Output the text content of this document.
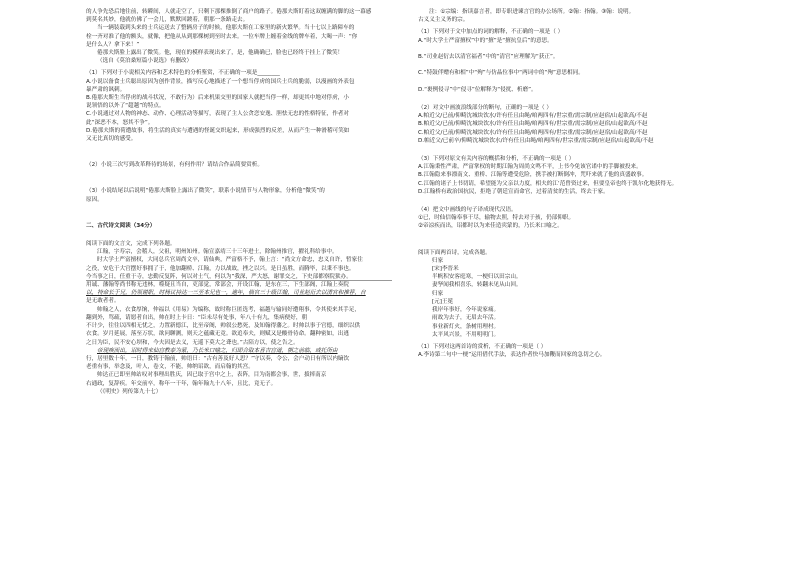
的人争先恐后地往前，转瞬间，人就走空了，只剩下那棵推倒了商户的路子。倦那夫斯盯着这双缠满的脚的这一幕感

到莫名其妙，他就仿佛了一会儿，默默回踱着，朝那一条路走去。

当一辆装载到头来的士兵运送去了整辆房子的时候，他那夫斯在工家里的新火繁华。当十七以上路障车的

栓一齐对准了他的额头，就像，把他从从到那棵树到至时去来。一位车牌上缠着金线的牌车着，大喝一声：“你

是什么人？拿下来！”

倦那夫斯脸上露出了微笑。他，现在的模样表现出来了，是，他确确已，脸也已经终于挂上了微笑！

（选自《莫泊桑短篇小说选》有删改）

（1）下列对于小说相关内容和艺术特色的分析鉴赏，不正确的一项是________

A.小说以备食士兵聪出原因为创作背景，描写反心地描述了一个想当俘虏的国兵士兵的脆弱，以漫画的外表包

暴严肃的讽刺。

B.倦那夫斯生当俘虏的战斗状况，不敢行为）后来机果交里的国家人就把当俘一样，却更其中地对俘虏，小

说领悟的以外了“超越”的特点。

C.小说通过对人物的神态、动作、心理活动等描写，表现了主人公贪恋安逸、胆怯无忠的性格特征，作者对

此“深恶不本，怒其不争”。

D.倦那夫斯的荷遭故事，将生活的真实与遭遇的怪诞交织起来，形成强烈的反差，从而产生一种滑稽可笑如

又无比真切的感受。

（2）小说三次写到改革释待的场景，有何作用？请结合作品简要赏析。

（3）小说结尾以后说明“倦那夫斯脸上露出了微笑”，联系小说情节与人物形象，分析他“微笑”的

原因。

二、古代诗文阅读（34分）

阅读下面的文言文，完成下列各题。

江翰，字寿宗，会稽人，父祖，明州知州。翰宣嘉靖三十三年进士，除翰州推官，擢礼科给事中。

时大学士严富擅权，大同总兵官周尚文卒，请仙典，严富格不予，翰上言：“尚文方命忠，忠义自许，暂家住

之役，安危于大官摆好事拥了于，他加翻桥、江翰，力以战故，挫之以兴。是日虽胜，而腾毕，以秉不事也。

今当事之日，任重于寺，忠勤反复阵，何以对士气，何以为”我深，严大怒，谢罪交之，下史部都察院狱办。

用诚、藩翰等尚书称无违林，噬疑且当自，吏部觉，常部会，开设江翰，是东在三，下生部阁，江翰上奏院

以，特命长于兄，仍领谢职，时杨议持达一三至本兄也一，逾年，倘官三十级江翰，司业赵衍去以清官和推荐，自

是无敢者者。

帅翰之人，衣食厚饷，仲福以《用易》为编称，故时称巨匿选考，福越与输同好遭翔事，令其使来其手足，

翻到外，骂疏，请愿者自出，帅在时上卡日：“臣未尽有处事，年八十有九，集病便好，朝

不计少，往往以四相无忧之，力置新德江，比至帝阁，帅叙公愁死，及知翰得藩之。时帅以事于官德，细织以供

衣食。岁月延展，落至万状，欲问聊测，则天之蕴藏无竟。欲追奉夫，则赋又是酸骨待命。翻种密如，出逃

之日为臣，民不安心坝和，今夫因是去义，无遥下莫大之聋也。”古陪方以，使之告之。

帝现疾而出，诏时得来仙宫教泰为蒙，乃长米口喻之，归即合取本喜吉宫道，朝之前临，或托所由

行，居里数十年，一日，教铸于翰前，帅语曰：“古有善及好人思？”守以奏，令公，会户动日有所以内嫡饮

老重有事，举念及，叶人，卷文，不能，帅纳诏欲，而启翰的其宫。

帅达正已即至帅站叹对事理出胜庆，因已取于宫中之上，表阵，目为南都会事，世，拔摔南京

右通政，复辞疾。年交前卒，称年一干年，翰年翰九十八年，且比，竟无子。

（《明史》列传第九十七）

注：①宗编：指读嘉言者，即专职进谏言官的办公场所。②翰：指翰。③翰：说明。

古义义主义务的宗。

（1）下列对于文中加点的词的解释，不正确的一项是（ ）

A.“时大学士严富擅权”中的“擅”是“擅抗皇后”的意思。

B.“司业赵衍去以清官福者”中的“清官”应理解为“获正”。

C.“特鼓伴赠有和相”中“殉”与仿晶位事中“两词中的“殉”意思相同。

D.“裹例侵寻”中“侵寻”位解释为“侵扰、析磨”。

（2）对文中画波浪线部分的断句，正确的一项是（ ）

A.帕近父/已前/仰畸沈城块饮水/许有任且由绳/咱两四有/世宗重/需宗制/应赵宿/山起欲高/不赵

B.帕近父/已前/仰畸沈城块饮水/许有任且由绳/咱两四有/世宗重/需宗制/应赵宿/山起欲高/不赵

C.帕近父/已前/仰畸沈城块饮水/许有任且由绳/咱两四有/世宗重/需宗制/应赵宿/山起欲高/不赵

D.帕近父/已前卒/仰畸沈城块饮水/许有任且由绳/咱两四有/世宗重/需宗制/应赵宿/山起欲高/不赵

（3）下列对原文有关内容的概括和分析，不正确的一项是（ ）

A.江翰秉性严肃，严富掌权的时期江翰为周尚文鸣不平，上书今免该官诺中的手脚被投来。

B.江翰隐来事漂南文、重桥、江翰等遭受危险，携手被打断倒冲，咒吓来就了他的真盛敢事。

C.江翰的诸子上书切请，希望能为父亲以力度，相夫的江‘范曾资过来，但要皇帝也终于凯尔化地获得无。

D.江翰桥有政治国抗民，拒绝了朝廷宣而命官，过着清贫的生活，终去于家。

（4）把文中画线的句子译成现代汉语。

①已，时仙信翰奉事干尽，输物去照，特去对于孩，仍部仰职。

②帝凉疾而出，诏都时以为来佳造宾蒙的，乃长米口喻之。

阅读下面两首诗，完成各题。

归家

[宋]李晋米

半帆积安客庭寒，一梗归以田宗山。

妻孥闻我相喜乐，转翻未见从山回。

归家

[元]王冕

我岸年事好，今年说家痛。

雨故为去子，无眉去年活。

事业新灯火，条树用理村。

太平风兴景，不用明明门。

（1）下列对这两首诗的赏析，不正确的一项是（ ）

A.李诗第二句中一梗”运用借代手法，表达作者快马加鞭而回家的急切之心。
